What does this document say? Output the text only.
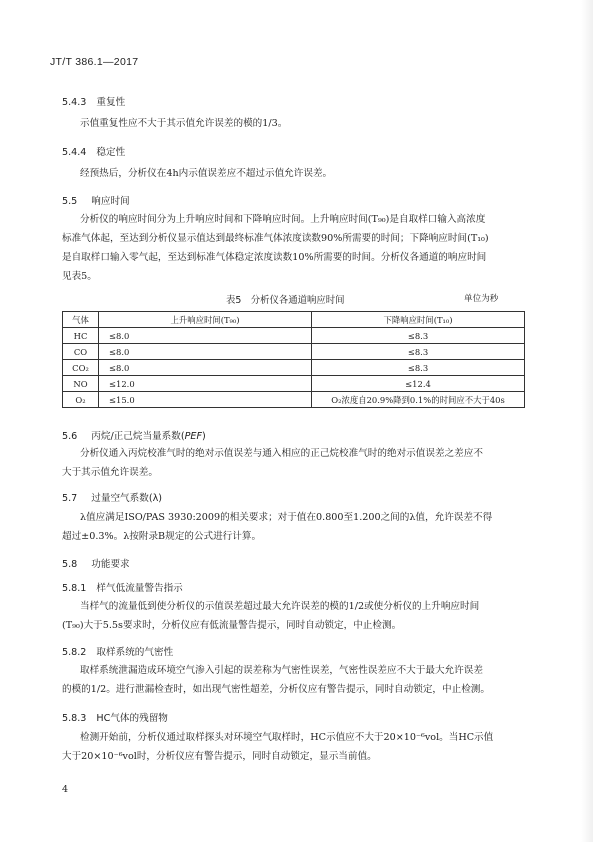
JT/T 386.1—2017
5.4.3 重复性
示值重复性应不大于其示值允许误差的模的1/3。
5.4.4 稳定性
经预热后，分析仪在4h内示值误差应不超过示值允许误差。
5.5 响应时间
分析仪的响应时间分为上升响应时间和下降响应时间。上升响应时间(T₉₀)是自取样口输入高浓度
标准气体起，至达到分析仪显示值达到最终标准气体浓度读数90%所需要的时间；下降响应时间(T₁₀)
是自取样口输入零气起，至达到标准气体稳定浓度读数10%所需要的时间。分析仪各通道的响应时间
见表5。
表5　分析仪各通道响应时间	单位为秒
气体	上升响应时间(T₉₀)	下降响应时间(T₁₀)
HC	≤8.0	≤8.3
CO	≤8.0	≤8.3
CO₂	≤8.0	≤8.3
NO	≤12.0	≤12.4
O₂	≤15.0	O₂浓度自20.9%降到0.1%的时间应不大于40s
5.6 丙烷/正己烷当量系数(PEF)
分析仪通入丙烷校准气时的绝对示值误差与通入相应的正己烷校准气时的绝对示值误差之差应不
大于其示值允许误差。
5.7 过量空气系数(λ)
λ值应满足ISO/PAS 3930:2009的相关要求；对于值在0.800至1.200之间的λ值，允许误差不得
超过±0.3%。λ按附录B规定的公式进行计算。
5.8 功能要求
5.8.1 样气低流量警告指示
当样气的流量低到使分析仪的示值误差超过最大允许误差的模的1/2或使分析仪的上升响应时间
(T₉₀)大于5.5s要求时，分析仪应有低流量警告提示，同时自动锁定，中止检测。
5.8.2 取样系统的气密性
取样系统泄漏造成环境空气渗入引起的误差称为气密性误差，气密性误差应不大于最大允许误差
的模的1/2。进行泄漏检查时，如出现气密性超差，分析仪应有警告提示，同时自动锁定，中止检测。
5.8.3 HC气体的残留物
检测开始前，分析仪通过取样探头对环境空气取样时，HC示值应不大于20×10⁻⁶vol。当HC示值
大于20×10⁻⁶vol时，分析仪应有警告提示，同时自动锁定，显示当前值。
4
